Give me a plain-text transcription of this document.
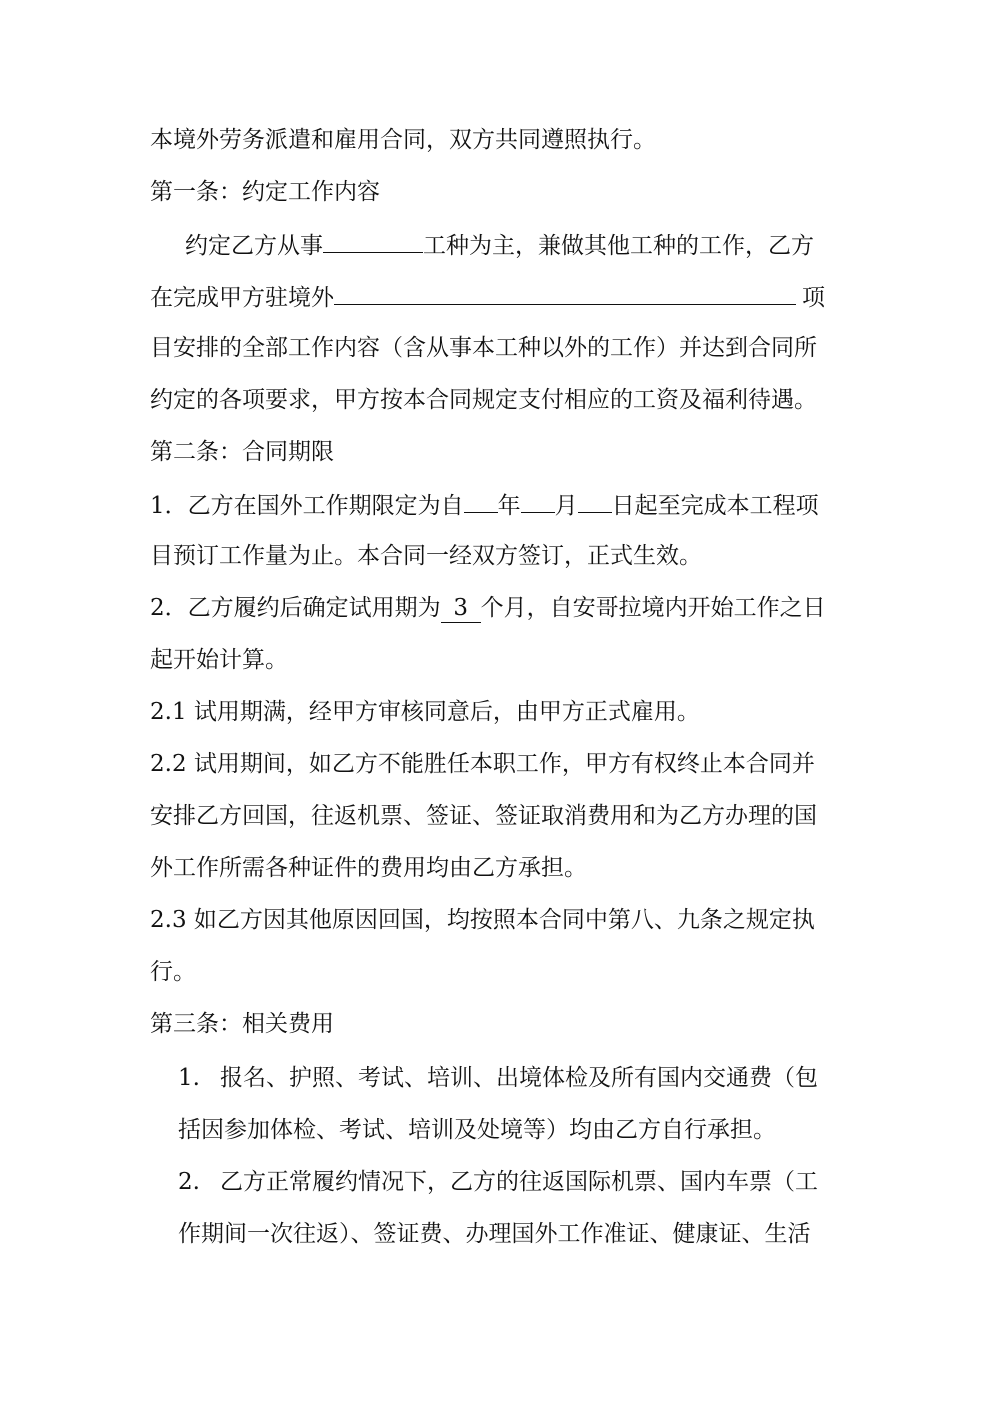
本境外劳务派遣和雇用合同，双方共同遵照执行。
第一条：约定工作内容
约定乙方从事	工种为主，兼做其他工种的工作，乙方
在完成甲方驻境外	项
目安排的全部工作内容（含从事本工种以外的工作）并达到合同所
约定的各项要求，甲方按本合同规定支付相应的工资及福利待遇。
第二条：合同期限
1．乙方在国外工作期限定为自 年 月 日起至完成本工程项
目预订工作量为止。本合同一经双方签订，正式生效。
2．乙方履约后确定试用期为 3 个月，自安哥拉境内开始工作之日
起开始计算。
2.1 试用期满，经甲方审核同意后，由甲方正式雇用。
2.2 试用期间，如乙方不能胜任本职工作，甲方有权终止本合同并
安排乙方回国，往返机票、签证、签证取消费用和为乙方办理的国
外工作所需各种证件的费用均由乙方承担。
2.3 如乙方因其他原因回国，均按照本合同中第八、九条之规定执
行。
第三条：相关费用
1. 报名、护照、考试、培训、出境体检及所有国内交通费（包
括因参加体检、考试、培训及处境等）均由乙方自行承担。
2. 乙方正常履约情况下，乙方的往返国际机票、国内车票（工
作期间一次往返）、签证费、办理国外工作准证、健康证、生活
